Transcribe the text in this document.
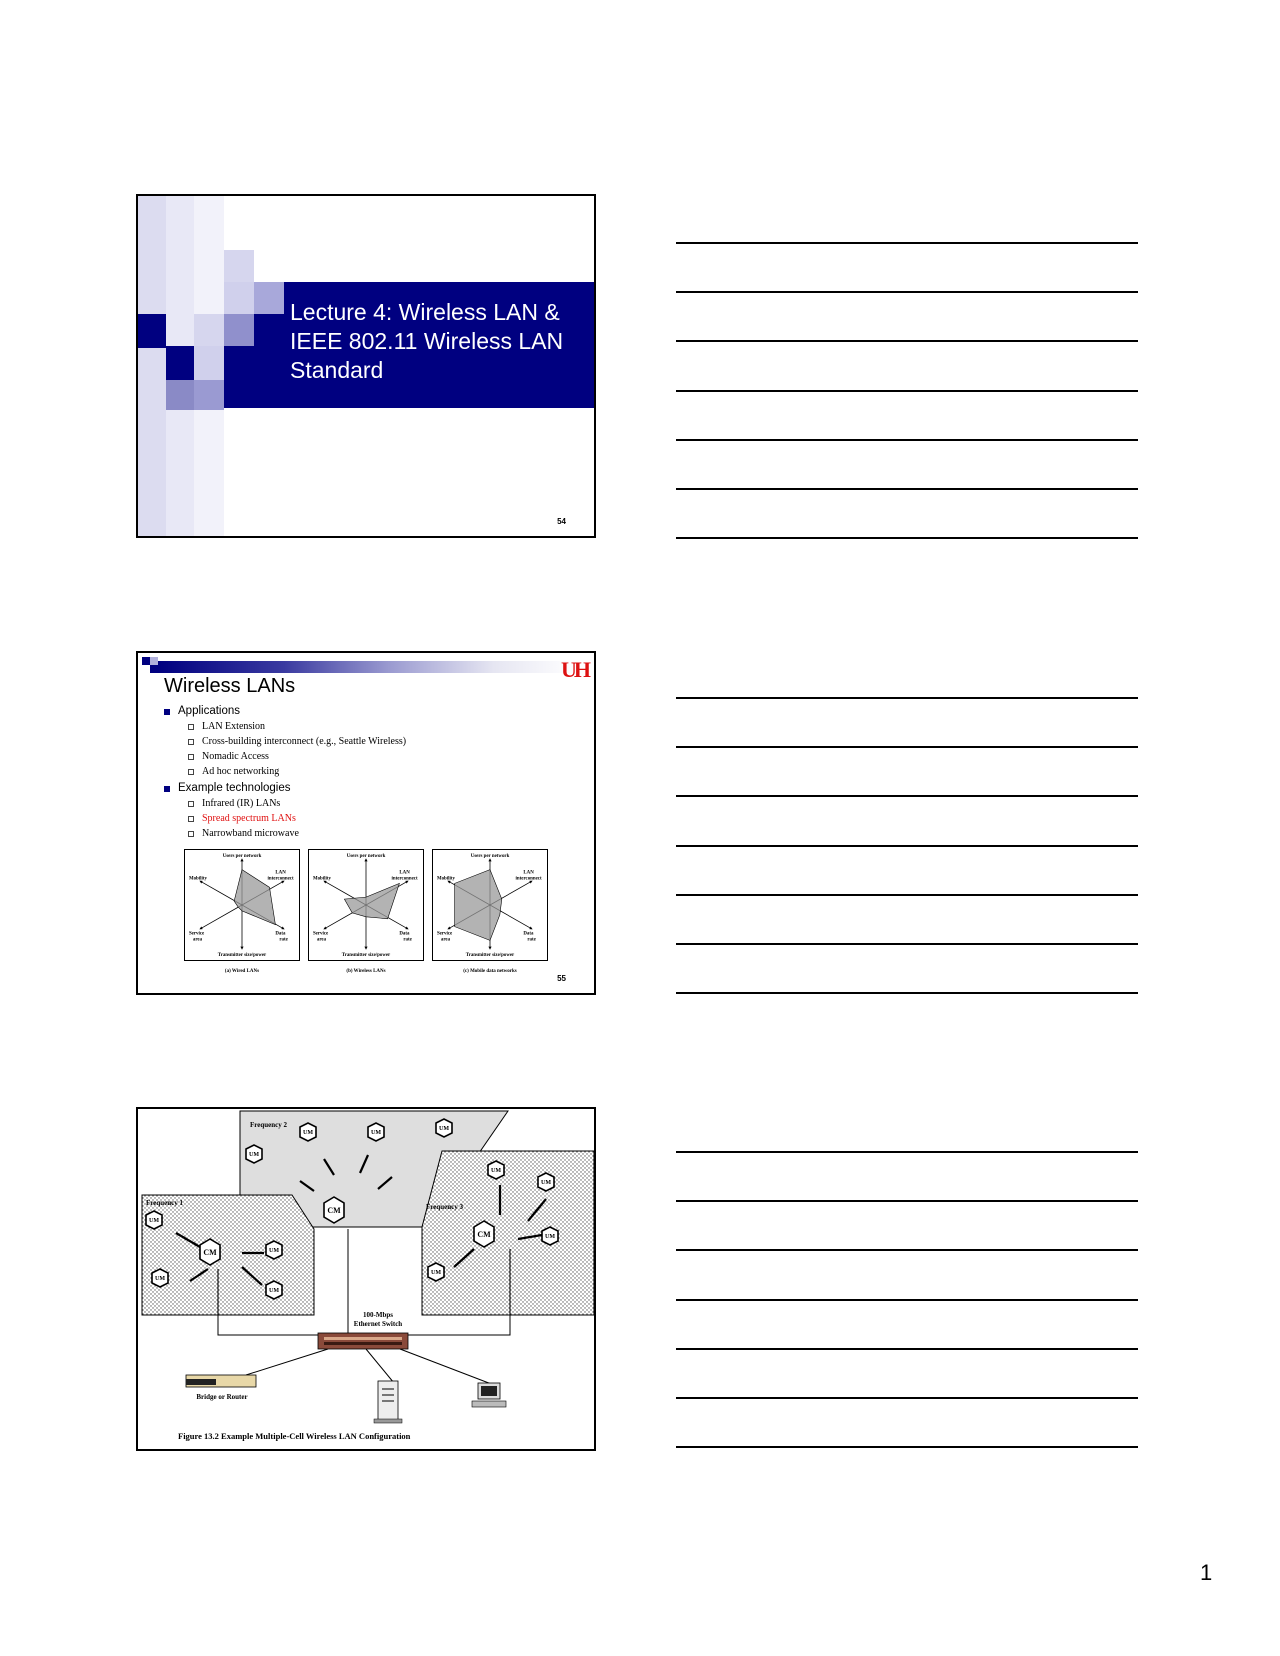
Lecture 4: Wireless LAN &
IEEE 802.11 Wireless LAN
Standard
54
UH
Wireless LANs
Applications
LAN Extension
Cross-building interconnect (e.g., Seattle Wireless)
Nomadic Access
Ad hoc networking
Example technologies
Infrared (IR) LANs
Spread spectrum LANs
Narrowband microwave
Users per network
Mobility
Service
area
Data
rate
LAN
interconnect
Transmitter size/power
(a) Wired LANs
Users per network
Mobility
Service
area
Data
rate
LAN
interconnect
Transmitter size/power
(b) Wireless LANs
Users per network
Mobility
Service
area
Data
rate
LAN
interconnect
Transmitter size/power
(c) Mobile data networks
55
UM	UM
UM
UM
CM
UM
CM	UM
UM
UM
UM
UM
CM	UM
UM
Frequency 2
Frequency 1	Frequency 3
100-Mbps
Ethernet Switch
Bridge or Router
Figure 13.2 Example Multiple-Cell Wireless LAN Configuration
1
